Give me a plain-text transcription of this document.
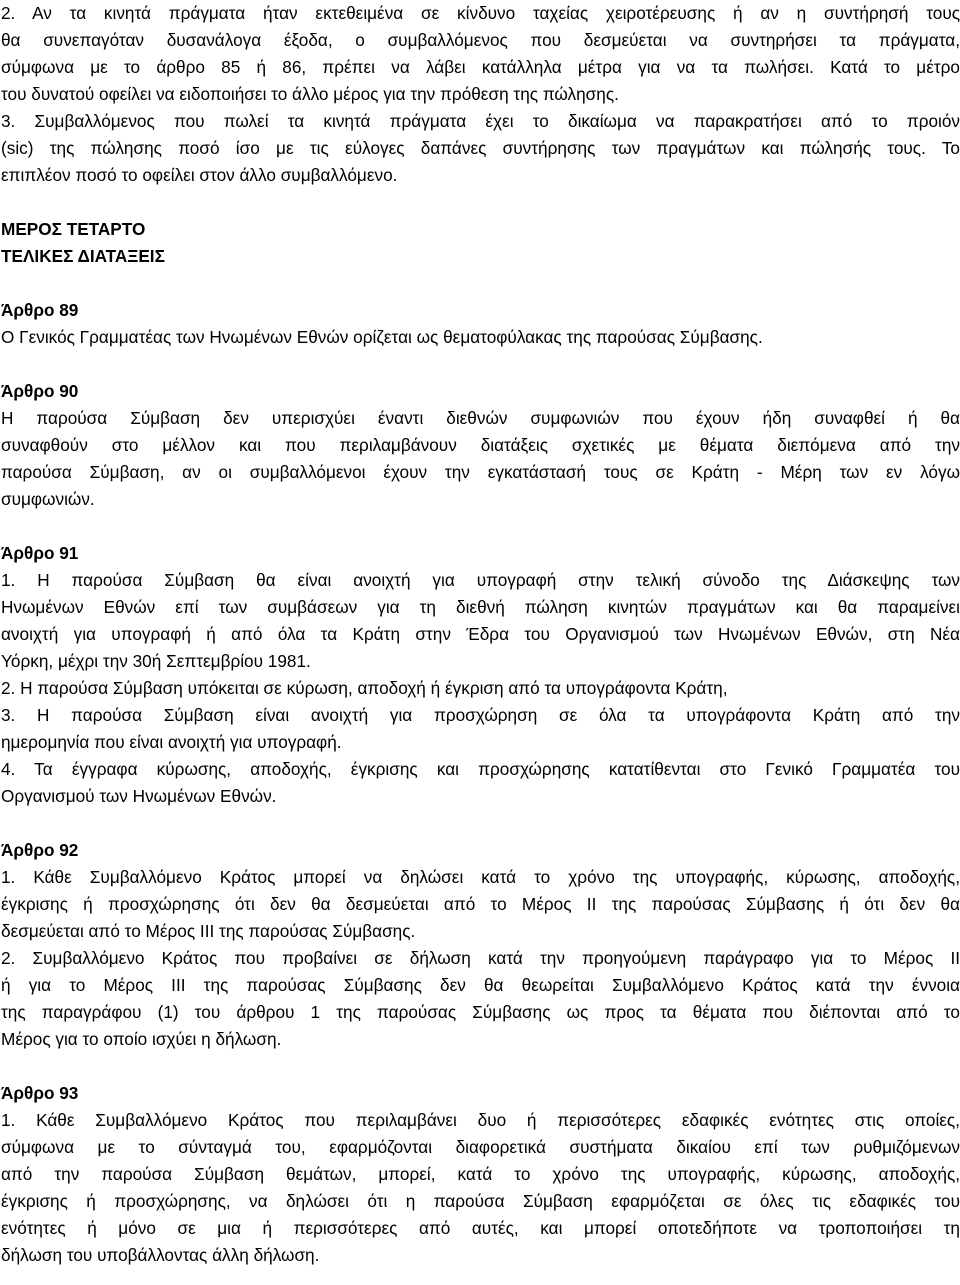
2. Αν τα κινητά πράγματα ήταν εκτεθειμένα σε κίνδυνο ταχείας χειροτέρευσης ή αν η συντήρησή τους
θα συνεπαγόταν δυσανάλογα έξοδα, ο συμβαλλόμενος που δεσμεύεται να συντηρήσει τα πράγματα,
σύμφωνα με το άρθρο 85 ή 86, πρέπει να λάβει κατάλληλα μέτρα για να τα πωλήσει. Κατά το μέτρο
του δυνατού οφείλει να ειδοποιήσει το άλλο μέρος για την πρόθεση της πώλησης.
3. Συμβαλλόμενος που πωλεί τα κινητά πράγματα έχει το δικαίωμα να παρακρατήσει από το προιόν
(sic) της πώλησης ποσό ίσο με τις εύλογες δαπάνες συντήρησης των πραγμάτων και πώλησής τους. Το
επιπλέον ποσό το οφείλει στον άλλο συμβαλλόμενο.
ΜΕΡΟΣ ΤΕΤΑΡΤΟ
ΤΕΛΙΚΕΣ ΔΙΑΤΑΞΕΙΣ
Άρθρο 89
Ο Γενικός Γραμματέας των Ηνωμένων Εθνών ορίζεται ως θεματοφύλακας της παρούσας Σύμβασης.
Άρθρο 90
Η παρούσα Σύμβαση δεν υπερισχύει έναντι διεθνών συμφωνιών που έχουν ήδη συναφθεί ή θα
συναφθούν στο μέλλον και που περιλαμβάνουν διατάξεις σχετικές με θέματα διεπόμενα από την
παρούσα Σύμβαση, αν οι συμβαλλόμενοι έχουν την εγκατάστασή τους σε Κράτη - Μέρη των εν λόγω
συμφωνιών.
Άρθρο 91
1. Η παρούσα Σύμβαση θα είναι ανοιχτή για υπογραφή στην τελική σύνοδο της Διάσκεψης των
Ηνωμένων Εθνών επί των συμβάσεων για τη διεθνή πώληση κινητών πραγμάτων και θα παραμείνει
ανοιχτή για υπογραφή ή από όλα τα Κράτη στην Έδρα του Οργανισμού των Ηνωμένων Εθνών, στη Νέα
Υόρκη, μέχρι την 30ή Σεπτεμβρίου 1981.
2. Η παρούσα Σύμβαση υπόκειται σε κύρωση, αποδοχή ή έγκριση από τα υπογράφοντα Κράτη,
3. Η παρούσα Σύμβαση είναι ανοιχτή για προσχώρηση σε όλα τα υπογράφοντα Κράτη από την
ημερομηνία που είναι ανοιχτή για υπογραφή.
4. Τα έγγραφα κύρωσης, αποδοχής, έγκρισης και προσχώρησης κατατίθενται στο Γενικό Γραμματέα του
Οργανισμού των Ηνωμένων Εθνών.
Άρθρο 92
1. Κάθε Συμβαλλόμενο Κράτος μπορεί να δηλώσει κατά το χρόνο της υπογραφής, κύρωσης, αποδοχής,
έγκρισης ή προσχώρησης ότι δεν θα δεσμεύεται από το Μέρος ΙΙ της παρούσας Σύμβασης ή ότι δεν θα
δεσμεύεται από το Μέρος ΙΙΙ της παρούσας Σύμβασης.
2. Συμβαλλόμενο Κράτος που προβαίνει σε δήλωση κατά την προηγούμενη παράγραφο για το Μέρος ΙΙ
ή για το Μέρος ΙΙΙ της παρούσας Σύμβασης δεν θα θεωρείται Συμβαλλόμενο Κράτος κατά την έννοια
της παραγράφου (1) του άρθρου 1 της παρούσας Σύμβασης ως προς τα θέματα που διέπονται από το
Μέρος για το οποίο ισχύει η δήλωση.
Άρθρο 93
1. Κάθε Συμβαλλόμενο Κράτος που περιλαμβάνει δυο ή περισσότερες εδαφικές ενότητες στις οποίες,
σύμφωνα με το σύνταγμά του, εφαρμόζονται διαφορετικά συστήματα δικαίου επί των ρυθμιζόμενων
από την παρούσα Σύμβαση θεμάτων, μπορεί, κατά το χρόνο της υπογραφής, κύρωσης, αποδοχής,
έγκρισης ή προσχώρησης, να δηλώσει ότι η παρούσα Σύμβαση εφαρμόζεται σε όλες τις εδαφικές του
ενότητες ή μόνο σε μια ή περισσότερες από αυτές, και μπορεί οποτεδήποτε να τροποποιήσει τη
δήλωση του υποβάλλοντας άλλη δήλωση.
